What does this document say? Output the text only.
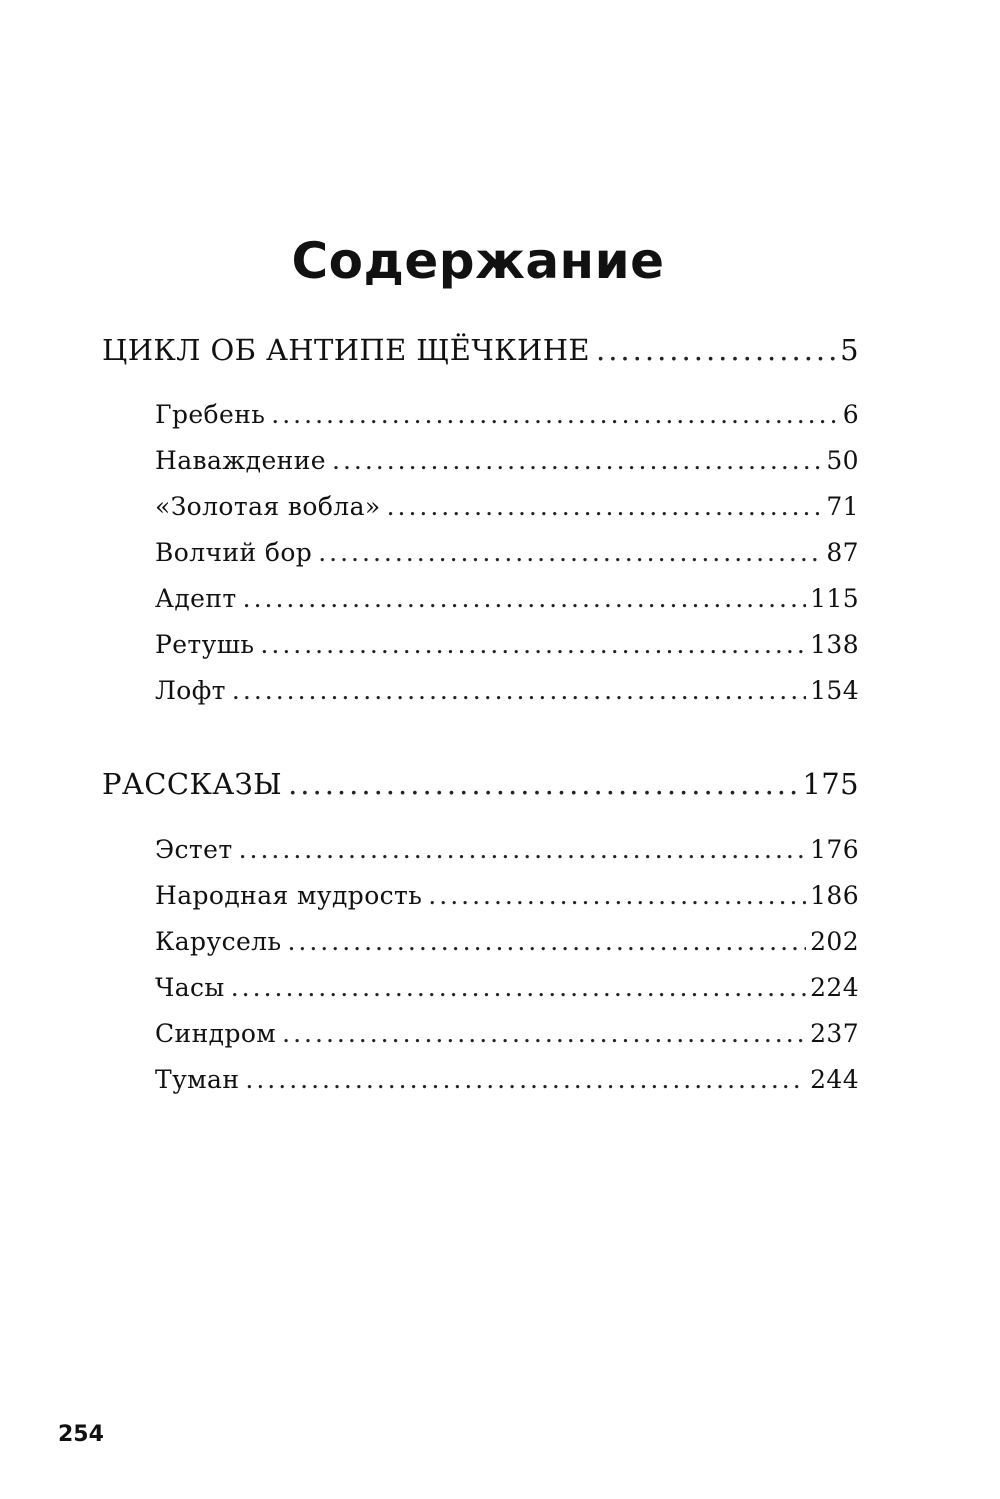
Содержание
ЦИКЛ ОБ АНТИПЕ ЩЁЧКИНЕ .....	5
Гребень .....	6
Наваждение .....	50
«Золотая вобла» .....	71
Волчий бор .....	87
Адепт .....	115
Ретушь .....	138
Лофт .....	154
РАССКАЗЫ .....	175
Эстет .....	176
Народная мудрость .....	186
Карусель .....	202
Часы .....	224
Синдром .....	237
Туман .....	244
254
